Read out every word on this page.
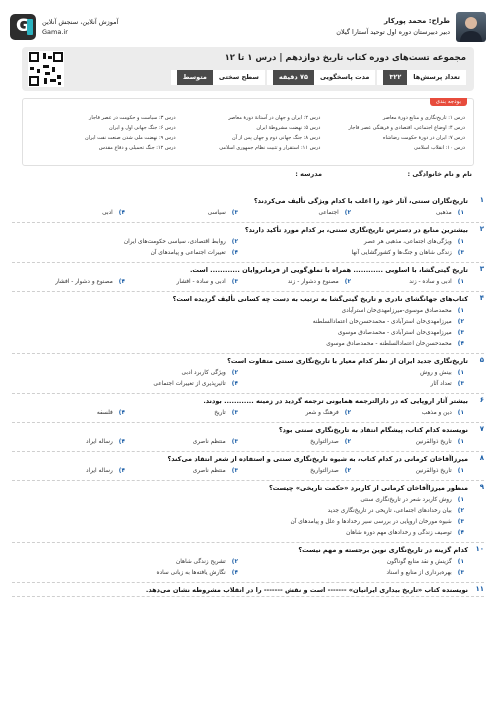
طراح: محمد پورکار
دبیر دبیرستان دوره اول توحید آستارا گیلان
G
آموزش آنلاین، سنجش آنلاین
Gama.ir
مجموعه تست‌های دوره کتاب تاریخ دوازدهم | درس ۱ تا ۱۲
تعداد پرسش‌ها
۳۲۲
مدت پاسخگویی
۷۵ دقیقه
سطح سختی
متوسط
بودجه بندی
درس ۱: تاریخ‌نگاری و منابع دورهٔ معاصر
درس ۲: ایران و جهان در آستانهٔ دورهٔ معاصر
درس ۳: سیاست و حکومت در عصر قاجار
درس ۴: اوضاع اجتماعی، اقتصادی و فرهنگی عصر قاجار
درس ۵: نهضت مشروطهٔ ایران
درس ۶: جنگ جهانی اول و ایران
درس ۷: ایران در دورهٔ حکومت رضاشاه
درس ۸: جنگ جهانی دوم و جهان پس از آن
درس ۹: نهضت ملی شدن صنعت نفت ایران
درس ۱۰: انقلاب اسلامی
درس ۱۱: استقرار و تثبیت نظام جمهوری اسلامی
درس ۱۲: جنگ تحمیلی و دفاع مقدس
نام و نام خانوادگی :
مدرسه :
۱
تاریخ‌نگاران سنتی، آثار خود را اغلب با کدام ویژگی تألیف می‌کردند؟
۱)مذهبی
۲)اجتماعی
۳)سیاسی
۴)ادبی
۲
بیشترین منابع در دسترس تاریخ‌نگاری سنتی، بر کدام مورد تأکید دارند؟
۱)ویژگی‌های اجتماعی، مذهبی هر عصر
۲)روابط اقتصادی، سیاسی حکومت‌های ایران
۳)زندگی شاهان و جنگ‌ها و کشورگشایی آنها
۴)تغییرات اجتماعی و پیامدهای آن
۳
تاریخ گیتی‌گشا، با اسلوبی ............ همراه با تملق‌گویی از فرمانروایان ............ است.
۱)ادبی و ساده - زند
۲)مصنوع و دشوار - زند
۳)ادبی و ساده - افشار
۴)مصنوع و دشوار - افشار
۴
کتاب‌های جهانگشای نادری و تاریخ گیتی‌گشا به ترتیب به دست چه کسانی تألیف گردیده است؟
۱)محمدصادق موسوی-میرزامهدی‌خان استرآبادی
۲)میرزامهدی‌خان استرآبادی - محمدحسن‌خان اعتمادالسلطنه
۳)میرزامهدی‌خان استرآبادی - محمدصادق موسوی
۴)محمدحسن‌خان اعتمادالسلطنه - محمدصادق موسوی
۵
تاریخ‌نگاری جدید ایران از نظر کدام معیار با تاریخ‌نگاری سنتی متفاوت است؟
۱)بینش و روش
۲)ویژگی کاربرد ادبی
۳)تعداد آثار
۴)تاثیرپذیری از تغییرات اجتماعی
۶
بیشتر آثار اروپایی که در دارالترجمه همایونی ترجمه گردید در زمینه ............ بودند.
۱)دین و مذهب
۲)فرهنگ و شعر
۳)تاریخ
۴)فلسفه
۷
نویسنده کدام کتاب، پیشگام انتقاد به تاریخ‌نگاری سنتی بود؟
۱)تاریخ ذوالقرنین
۲)صدرالتواریخ
۳)منتظم ناصری
۴)رساله ایراد
۸
میرزاآقاخان کرمانی در کدام کتاب، به شیوه تاریخ‌نگاری سنتی و استفاده از شعر انتقاد می‌کند؟
۱)تاریخ ذوالقرنین
۲)صدرالتواریخ
۳)منتظم ناصری
۴)رساله ایراد
۹
منظور میرزاآقاخان کرمانی از کاربرد «حکمت تاریخی» چیست؟
۱)روش کاربرد شعر در تاریخ‌نگاری سنتی
۲)بیان رخدادهای اجتماعی، تاریخی در تاریخ‌نگاری جدید
۳)شیوه مورخان اروپایی در بررسی سیر رخدادها و علل و پیامدهای آن
۴)توصیف زندگی و رخدادهای مهم دوره شاهان
۱۰
کدام گزینه در تاریخ‌نگاری نوین برجسته و مهم نیست؟
۱)گزینش و نقد منابع گوناگون
۲)تشریح زندگی شاهان
۳)بهره‌برداری از منابع و اسناد
۴)نگارش یافته‌ها به زبانی ساده
۱۱
نویسنده کتاب «تاریخ بیداری ایرانیان» ------- است و نقش ------- را در انقلاب مشروطه نشان می‌دهد.
